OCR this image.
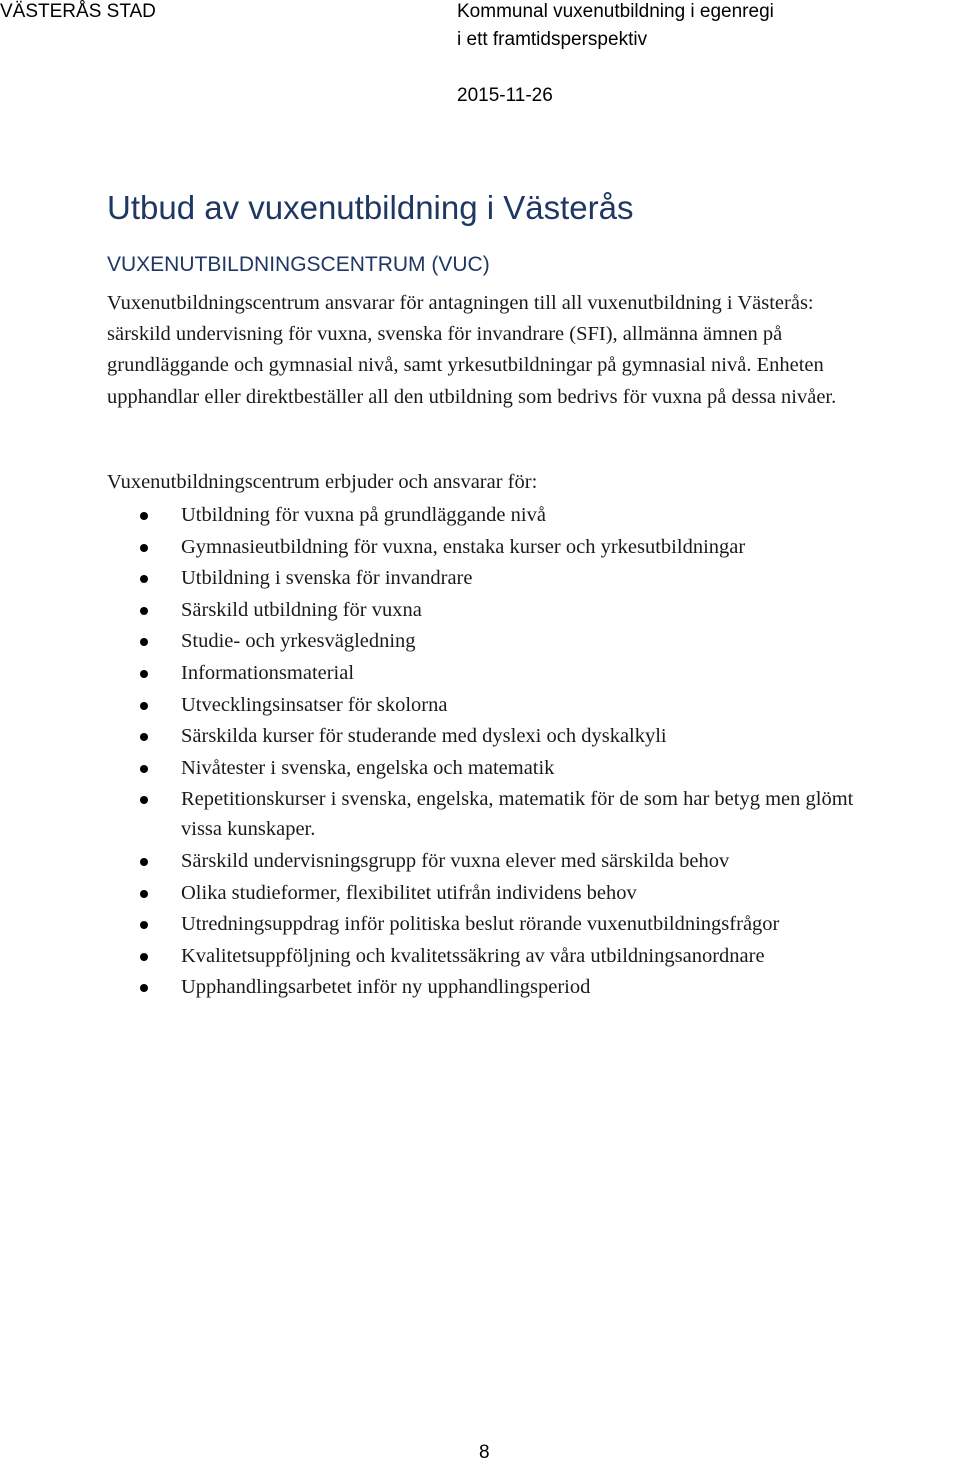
VÄSTERÅS STAD	Kommunal vuxenutbildning i egenregi
i ett framtidsperspektiv
2015-11-26
Utbud av vuxenutbildning i Västerås
VUXENUTBILDNINGSCENTRUM (VUC)

Vuxenutbildningscentrum ansvarar för antagningen till all vuxenutbildning i Västerås: särskild undervisning för vuxna, svenska för invandrare (SFI), allmänna ämnen på grundläggande och gymnasial nivå, samt yrkesutbildningar på gymnasial nivå. Enheten upphandlar eller direktbeställer all den utbildning som bedrivs för vuxna på dessa nivåer.

Vuxenutbildningscentrum erbjuder och ansvarar för:

Utbildning för vuxna på grundläggande nivå
Gymnasieutbildning för vuxna, enstaka kurser och yrkesutbildningar
Utbildning i svenska för invandrare
Särskild utbildning för vuxna
Studie- och yrkesvägledning
Informationsmaterial
Utvecklingsinsatser för skolorna
Särskilda kurser för studerande med dyslexi och dyskalkyli
Nivåtester i svenska, engelska och matematik
Repetitionskurser i svenska, engelska, matematik för de som har betyg men glömt vissa kunskaper.
Särskild undervisningsgrupp för vuxna elever med särskilda behov
Olika studieformer, flexibilitet utifrån individens behov
Utredningsuppdrag inför politiska beslut rörande vuxenutbildningsfrågor
Kvalitetsuppföljning och kvalitetssäkring av våra utbildningsanordnare
Upphandlingsarbetet inför ny upphandlingsperiod
8
